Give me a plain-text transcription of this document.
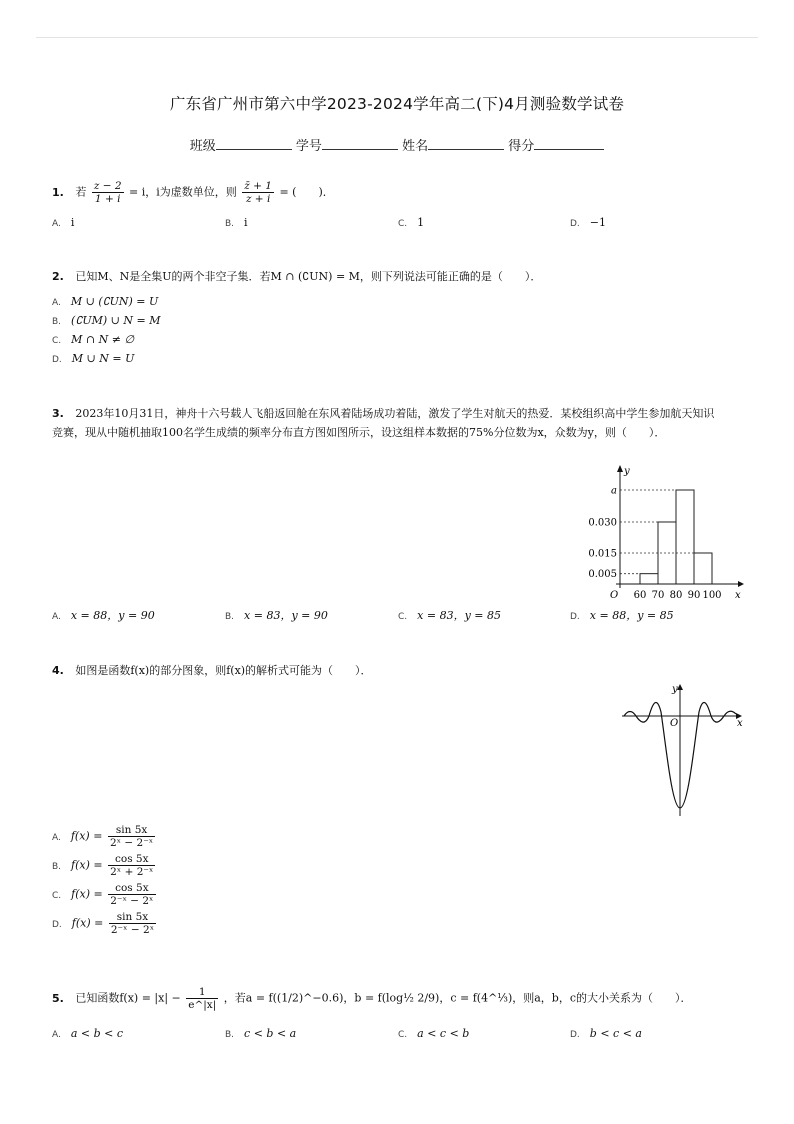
广东省广州市第六中学2023-2024学年高二(下)4月测验数学试卷
班级	学号	姓名	得分
1. 若 $\frac{z - 2}{1 + i} = i$，i为虚数单位，则 $\frac{z̄ + 1}{z + i}$ = (　　)．
A. i	B. i	C. 1	D. −1
2. 已知M、N是全集U的两个非空子集．若M ∩ (∁UN) = M，则下列说法可能正确的是（　　）．
A. M ∪ (∁UN) = U
B. (∁UM) ∪ N = M
C. M ∩ N ≠ ∅
D. M ∪ N = U
3. 2023年10月31日，神舟十六号载人飞船返回舱在东风着陆场成功着陆，激发了学生对航天的热爱．某校组织高中学生参加航天知识竞赛，现从中随机抽取100名学生成绩的频率分布直方图如图所示，设这组样本数据的75%分位数为x，众数为y，则（　　）．
y
x
O 60 70 80 90 100
0.005
0.015
0.030
a
A. x = 88，y = 90	B. x = 83，y = 90	C. x = 83，y = 85	D. x = 88，y = 85
4. 如图是函数f(x)的部分图象，则f(x)的解析式可能为（　　）．
y
x
O
A. $f(x) = \frac{\sin 5x}{\text{2ˣ − 2⁻ˣ}}$
B. $f(x) = \frac{\cos 5x}{\text{2ˣ + 2⁻ˣ}}$
C. $f(x) = \frac{\cos 5x}{\text{2⁻ˣ − 2ˣ}}$
D. $f(x) = \frac{\sin 5x}{\text{2⁻ˣ − 2ˣ}}$
5. 已知函数$f(x) = |x| - \frac{1}{e\^{}|x|}$ ，若a = f((1/2)^−0.6)，b = f(log½ 2/9)，c = f(4^⅓)，则a，b，c的大小关系为（　　）．
A. a < b < c	B. c < b < a	C. a < c < b	D. b < c < a
